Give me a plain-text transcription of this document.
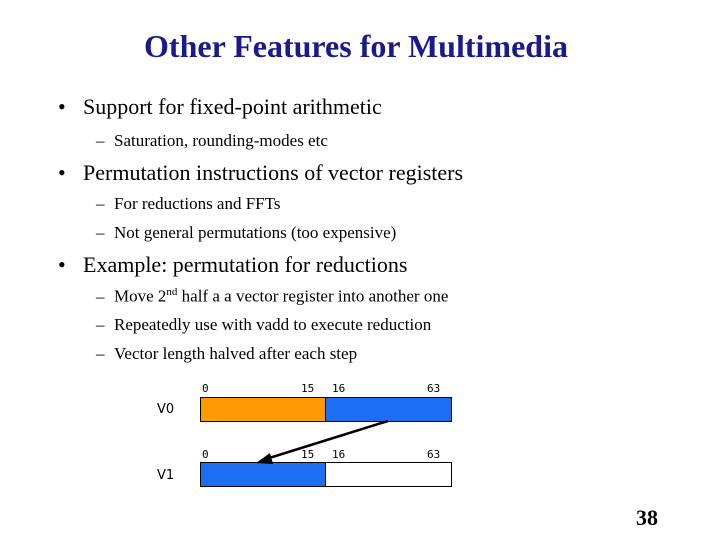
Other Features for Multimedia
• Support for fixed-point arithmetic
– Saturation, rounding-modes etc
• Permutation instructions of vector registers
– For reductions and FFTs
– Not general permutations (too expensive)
• Example: permutation for reductions
– Move 2nd half a a vector register into another one
– Repeatedly use with vadd to execute reduction
– Vector length halved after each step
0	15 16	63
V0
0	15 16	63
V1
38
